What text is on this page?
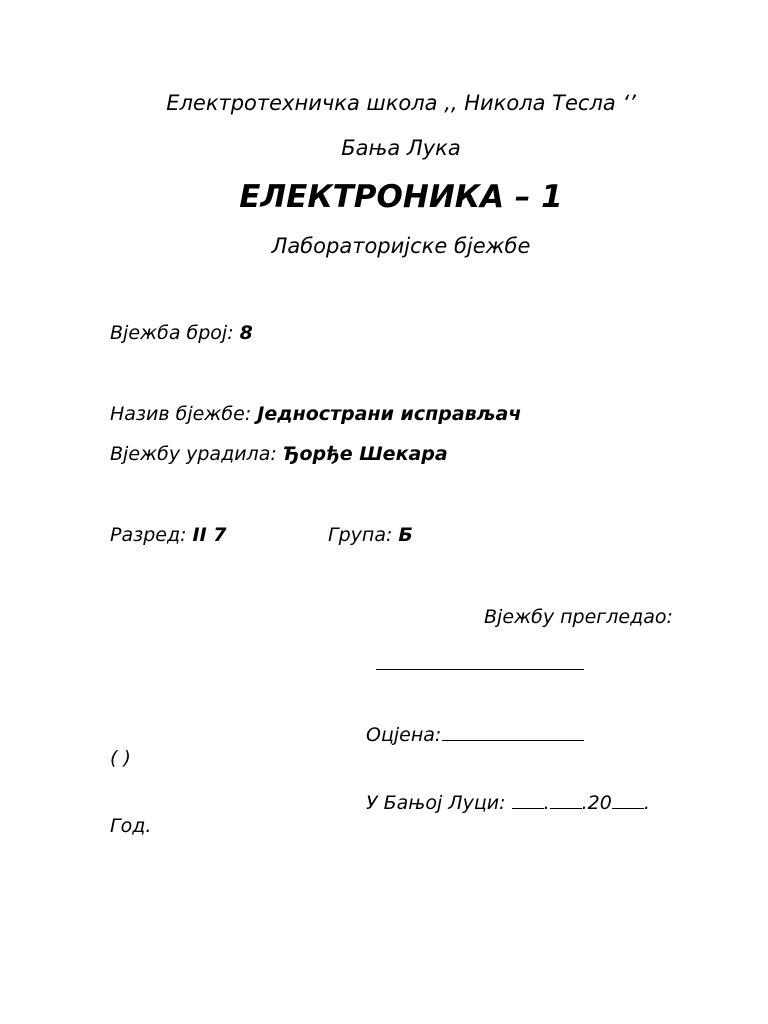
Електротехничка школа ,, Никола Тесла ‘’
Бања Лука
ЕЛЕКТРОНИКА – 1
Лабораторијске бјежбе
Вјежба број: 8
Назив бјежбе: Једнострани исправљач
Вјежбу урадила: Ђорђе Шекара
Разред: II 7	Група: Б
Вјежбу прегледао:
Оцјена:
( )
У Бањој Луци: . .20 .
Год.
